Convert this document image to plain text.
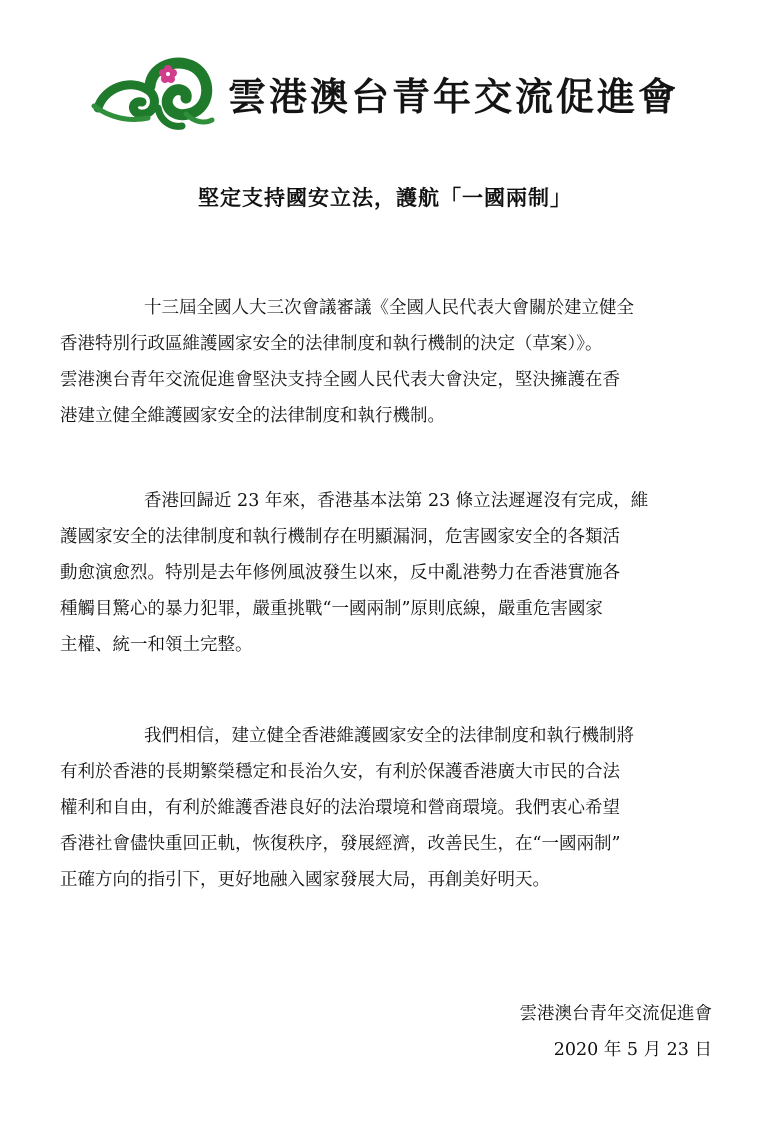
雲港澳台青年交流促進會
堅定支持國安立法，護航「一國兩制」
十三屆全國人大三次會議審議《全國人民代表大會關於建立健全
香港特別行政區維護國家安全的法律制度和執行機制的決定（草案）》。
雲港澳台青年交流促進會堅決支持全國人民代表大會決定，堅決擁護在香
港建立健全維護國家安全的法律制度和執行機制。
香港回歸近 23 年來，香港基本法第 23 條立法遲遲沒有完成，維
護國家安全的法律制度和執行機制存在明顯漏洞，危害國家安全的各類活
動愈演愈烈。特別是去年修例風波發生以來，反中亂港勢力在香港實施各
種觸目驚心的暴力犯罪，嚴重挑戰“一國兩制”原則底線，嚴重危害國家
主權、統一和領土完整。
我們相信，建立健全香港維護國家安全的法律制度和執行機制將
有利於香港的長期繁榮穩定和長治久安，有利於保護香港廣大市民的合法
權利和自由，有利於維護香港良好的法治環境和營商環境。我們衷心希望
香港社會儘快重回正軌，恢復秩序，發展經濟，改善民生，在“一國兩制”
正確方向的指引下，更好地融入國家發展大局，再創美好明天。
雲港澳台青年交流促進會
2020 年 5 月 23 日
